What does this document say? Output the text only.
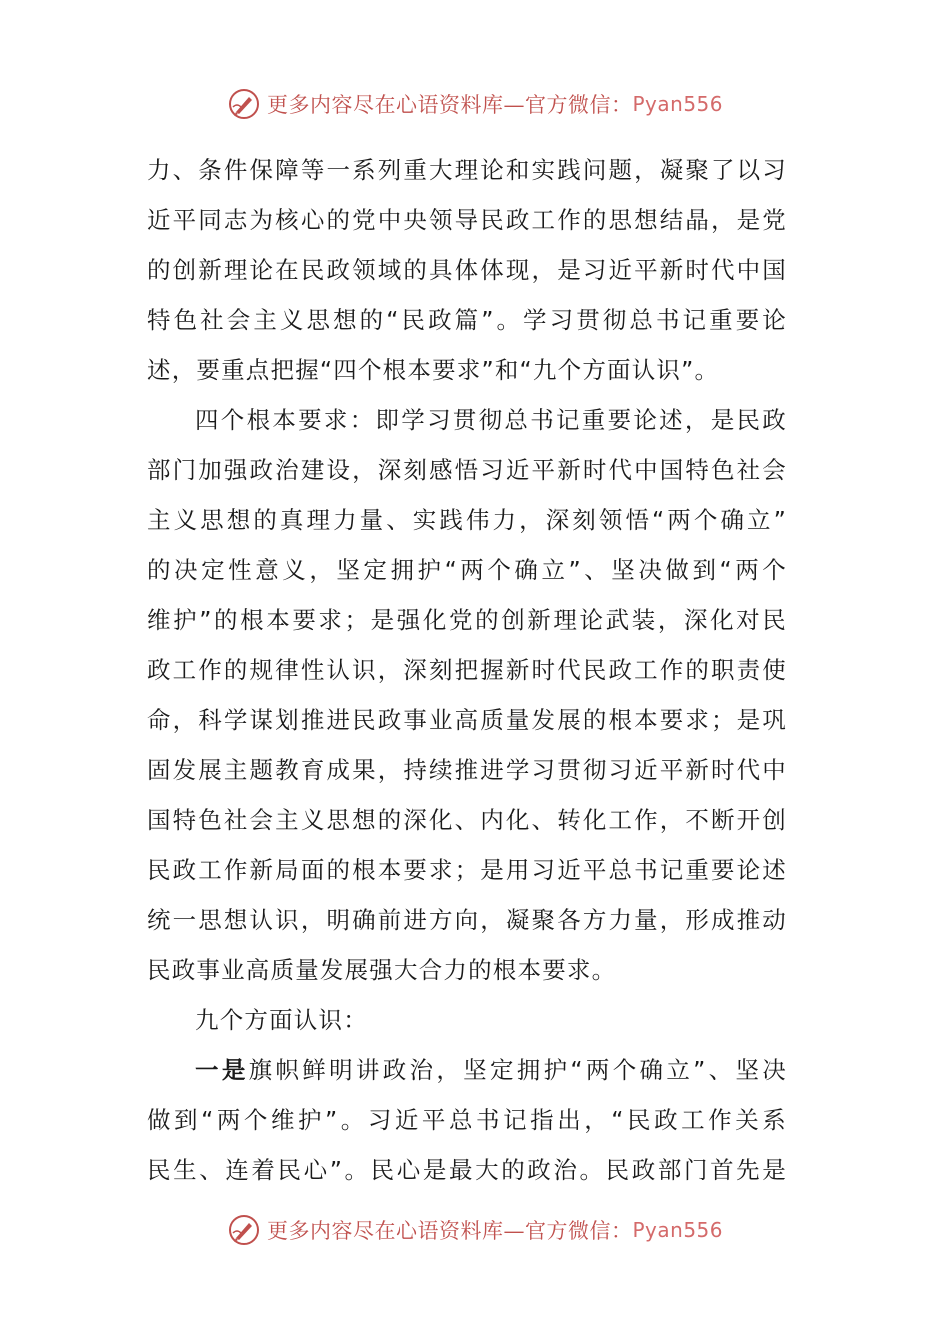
更多内容尽在心语资料库—官方微信： Pyan556
力、条件保障等一系列重大理论和实践问题，凝聚了以习
近平同志为核心的党中央领导民政工作的思想结晶，是党
的创新理论在民政领域的具体体现，是习近平新时代中国
特色社会主义思想的“民政篇”。学习贯彻总书记重要论
述，要重点把握“四个根本要求”和“九个方面认识”。
四个根本要求：即学习贯彻总书记重要论述，是民政
部门加强政治建设，深刻感悟习近平新时代中国特色社会
主义思想的真理力量、实践伟力，深刻领悟“两个确立”
的决定性意义，坚定拥护“两个确立”、坚决做到“两个
维护”的根本要求；是强化党的创新理论武装，深化对民
政工作的规律性认识，深刻把握新时代民政工作的职责使
命，科学谋划推进民政事业高质量发展的根本要求；是巩
固发展主题教育成果，持续推进学习贯彻习近平新时代中
国特色社会主义思想的深化、内化、转化工作，不断开创
民政工作新局面的根本要求；是用习近平总书记重要论述
统一思想认识，明确前进方向，凝聚各方力量，形成推动
民政事业高质量发展强大合力的根本要求。
九个方面认识：
一是旗帜鲜明讲政治，坚定拥护“两个确立”、坚决
做到“两个维护”。习近平总书记指出，“民政工作关系
民生、连着民心”。民心是最大的政治。民政部门首先是
更多内容尽在心语资料库—官方微信： Pyan556
